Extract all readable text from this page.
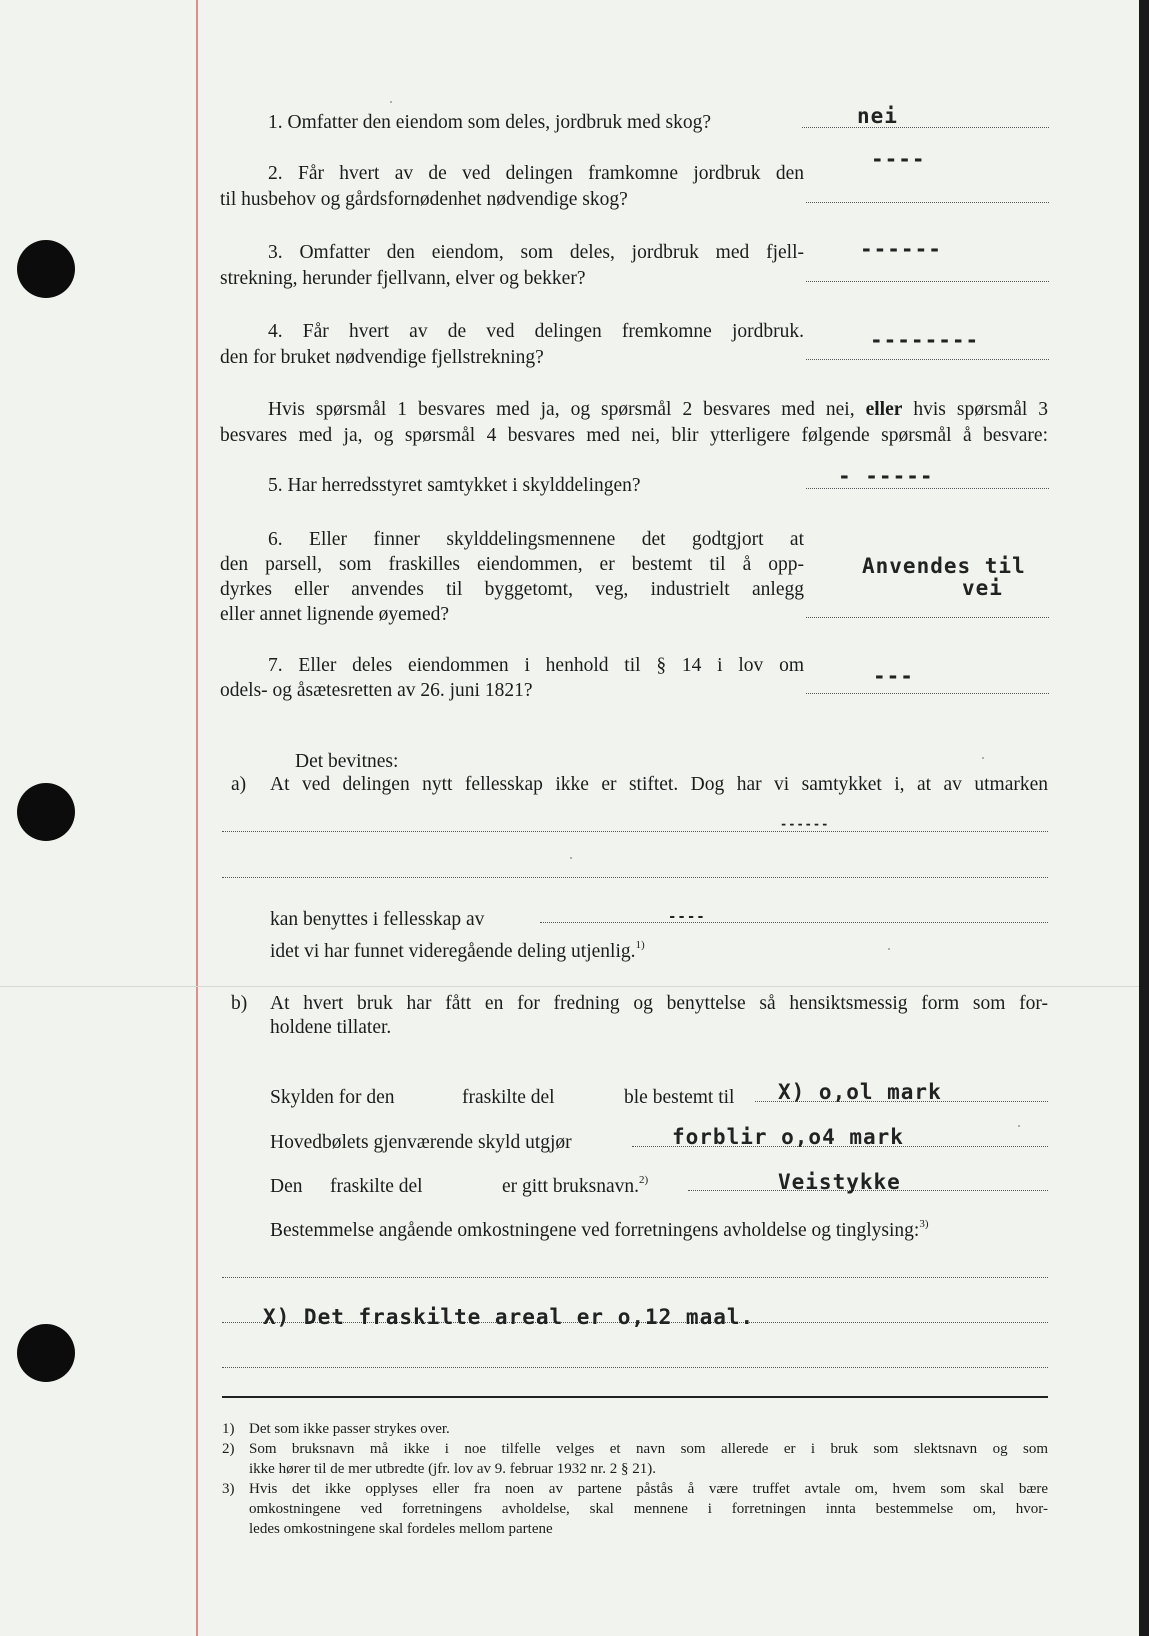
1. Omfatter den eiendom som deles, jordbruk med skog?	nei
2. Får hvert av de ved delingen framkomne jordbruk den
til husbehov og gårdsfornødenhet nødvendige skog?
----
3. Omfatter den eiendom, som deles, jordbruk med fjell-
strekning, herunder fjellvann, elver og bekker?
------
4. Får hvert av de ved delingen fremkomne jordbruk.
den for bruket nødvendige fjellstrekning?
--------
Hvis spørsmål 1 besvares med ja, og spørsmål 2 besvares med nei, eller hvis spørsmål 3
besvares med ja, og spørsmål 4 besvares med nei, blir ytterligere følgende spørsmål å besvare:
5. Har herredsstyret samtykket i skylddelingen?	- -----
6. Eller finner skylddelingsmennene det godtgjort at
den parsell, som fraskilles eiendommen, er bestemt til å opp-
dyrkes eller anvendes til byggetomt, veg, industrielt anlegg
eller annet lignende øyemed?
Anvendes til
vei
7. Eller deles eiendommen i henhold til § 14 i lov om
odels- og åsætesretten av 26. juni 1821?
---
Det bevitnes:
a) At ved delingen nytt fellesskap ikke er stiftet. Dog har vi samtykket i, at av utmarken
------
kan benyttes i fellesskap av	----
idet vi har funnet videregående deling utjenlig.$^{1)}$
b) At hvert bruk har fått en for fredning og benyttelse så hensiktsmessig form som for-
holdene tillater.
Skylden for den	fraskilte del	ble bestemt til X) o,ol mark
Hovedbølets gjenværende skyld utgjør	forblir o,o4 mark
Den fraskilte del	er gitt bruksnavn.$^{2)}$	Veistykke
Bestemmelse angående omkostningene ved forretningens avholdelse og tinglysing:$^{3)}$
X) Det fraskilte areal er o,12 maal.
1) Det som ikke passer strykes over.
2) Som bruksnavn må ikke i noe tilfelle velges et navn som allerede er i bruk som slektsnavn og som
ikke hører til de mer utbredte (jfr. lov av 9. februar 1932 nr. 2 § 21).
3) Hvis det ikke opplyses eller fra noen av partene påstås å være truffet avtale om, hvem som skal bære
omkostningene ved forretningens avholdelse, skal mennene i forretningen innta bestemmelse om, hvor-
ledes omkostningene skal fordeles mellom partene
